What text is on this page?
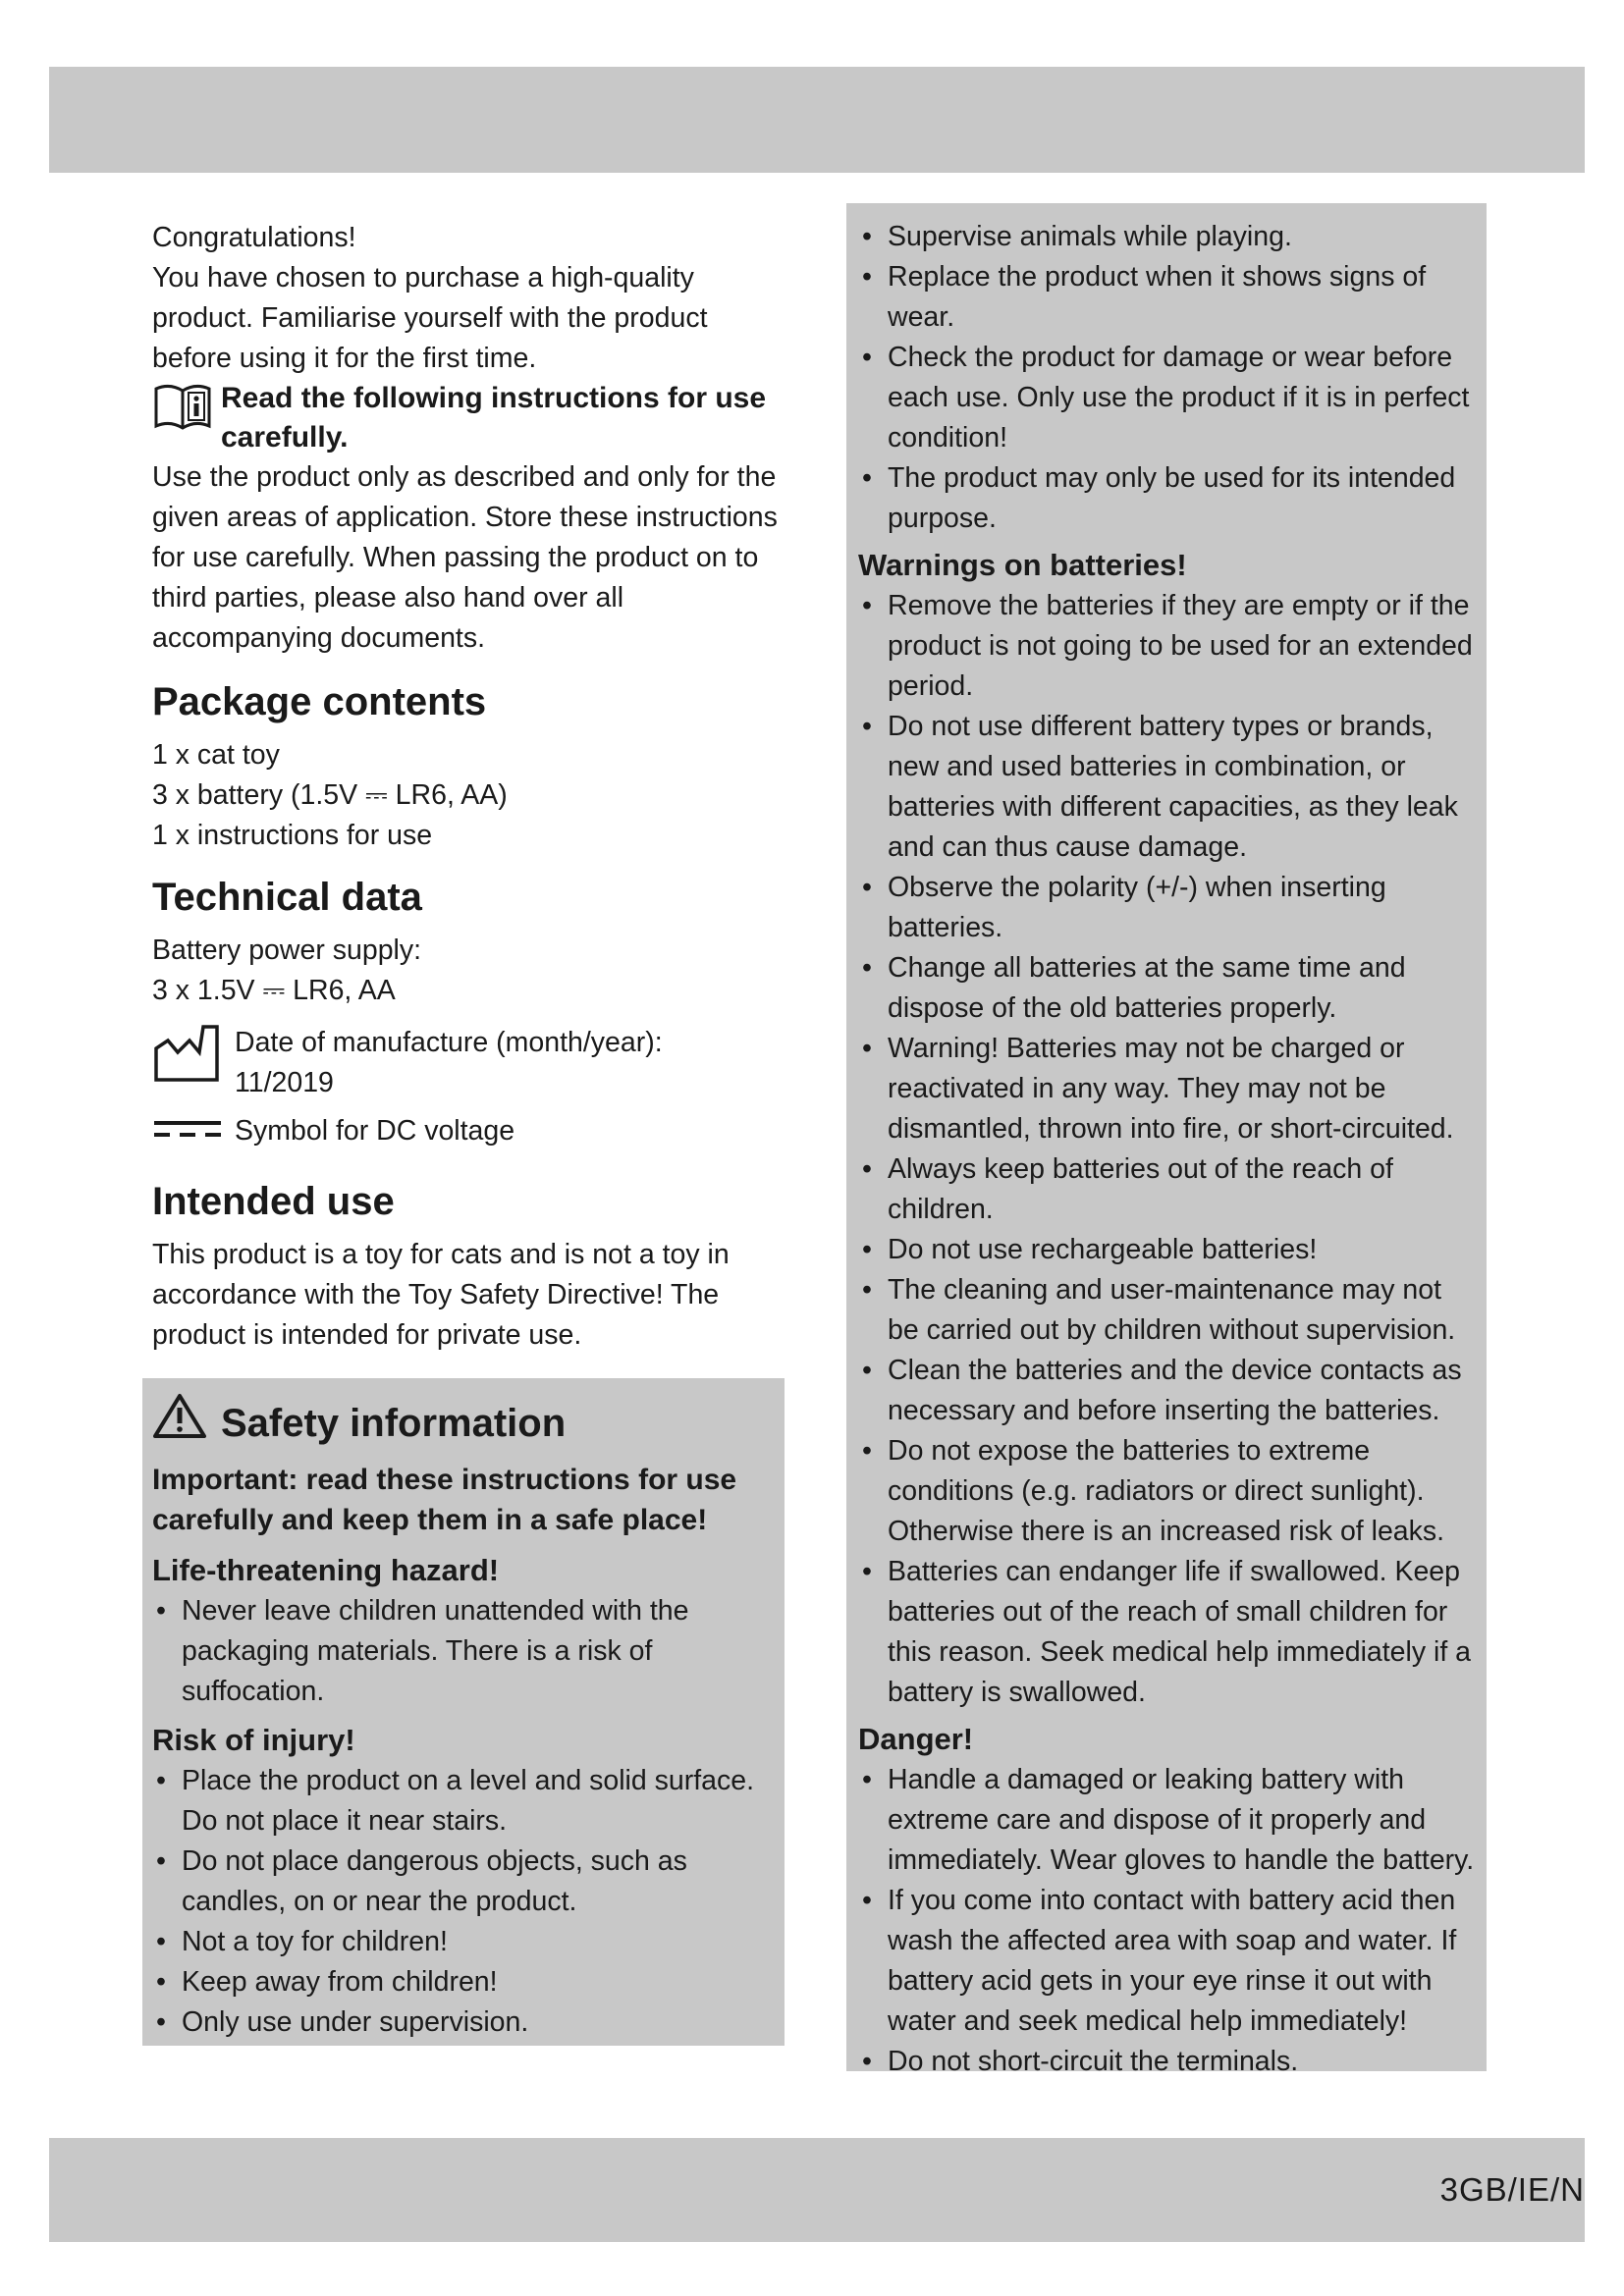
Congratulations!

You have chosen to purchase a high-quality product. Familiarise yourself with the product before using it for the first time.

Read the following instructions for use carefully.

Use the product only as described and only for the given areas of application. Store these instructions for use carefully. When passing the product on to third parties, please also hand over all accompanying documents.

Package contents

1 x cat toy

3 x battery (1.5V ⎓ LR6, AA)

1 x instructions for use

Technical data

Battery power supply:

3 x 1.5V ⎓ LR6, AA

Date of manufacture (month/year):

11/2019

Symbol for DC voltage

Intended use

This product is a toy for cats and is not a toy in accordance with the Toy Safety Directive! The product is intended for private use.

Safety information

Important: read these instructions for use carefully and keep them in a safe place!

Life-threatening hazard!
• Never leave children unattended with the packaging materials. There is a risk of suffocation.
Risk of injury!
• Place the product on a level and solid surface. Do not place it near stairs.
• Do not place dangerous objects, such as candles, on or near the product.
• Not a toy for children!
• Keep away from children!
• Only use under supervision.
• Supervise animals while playing.
• Replace the product when it shows signs of wear.
• Check the product for damage or wear before each use. Only use the product if it is in perfect condition!
• The product may only be used for its intended purpose.
Warnings on batteries!
• Remove the batteries if they are empty or if the product is not going to be used for an extended period.
• Do not use different battery types or brands, new and used batteries in combination, or batteries with different capacities, as they leak and can thus cause damage.
• Observe the polarity (+/-) when inserting batteries.
• Change all batteries at the same time and dispose of the old batteries properly.
• Warning! Batteries may not be charged or reactivated in any way. They may not be dismantled, thrown into fire, or short-circuited.
• Always keep batteries out of the reach of children.
• Do not use rechargeable batteries!
• The cleaning and user-maintenance may not be carried out by children without supervision.
• Clean the batteries and the device contacts as necessary and before inserting the batteries.
• Do not expose the batteries to extreme conditions (e.g. radiators or direct sunlight). Otherwise there is an increased risk of leaks.
• Batteries can endanger life if swallowed. Keep batteries out of the reach of small children for this reason. Seek medical help immediately if a battery is swallowed.
Danger!
• Handle a damaged or leaking battery with extreme care and dispose of it properly and immediately. Wear gloves to handle the battery.
• If you come into contact with battery acid then wash the affected area with soap and water. If battery acid gets in your eye rinse it out with water and seek medical help immediately!
• Do not short-circuit the terminals.
3GB/IE/N
